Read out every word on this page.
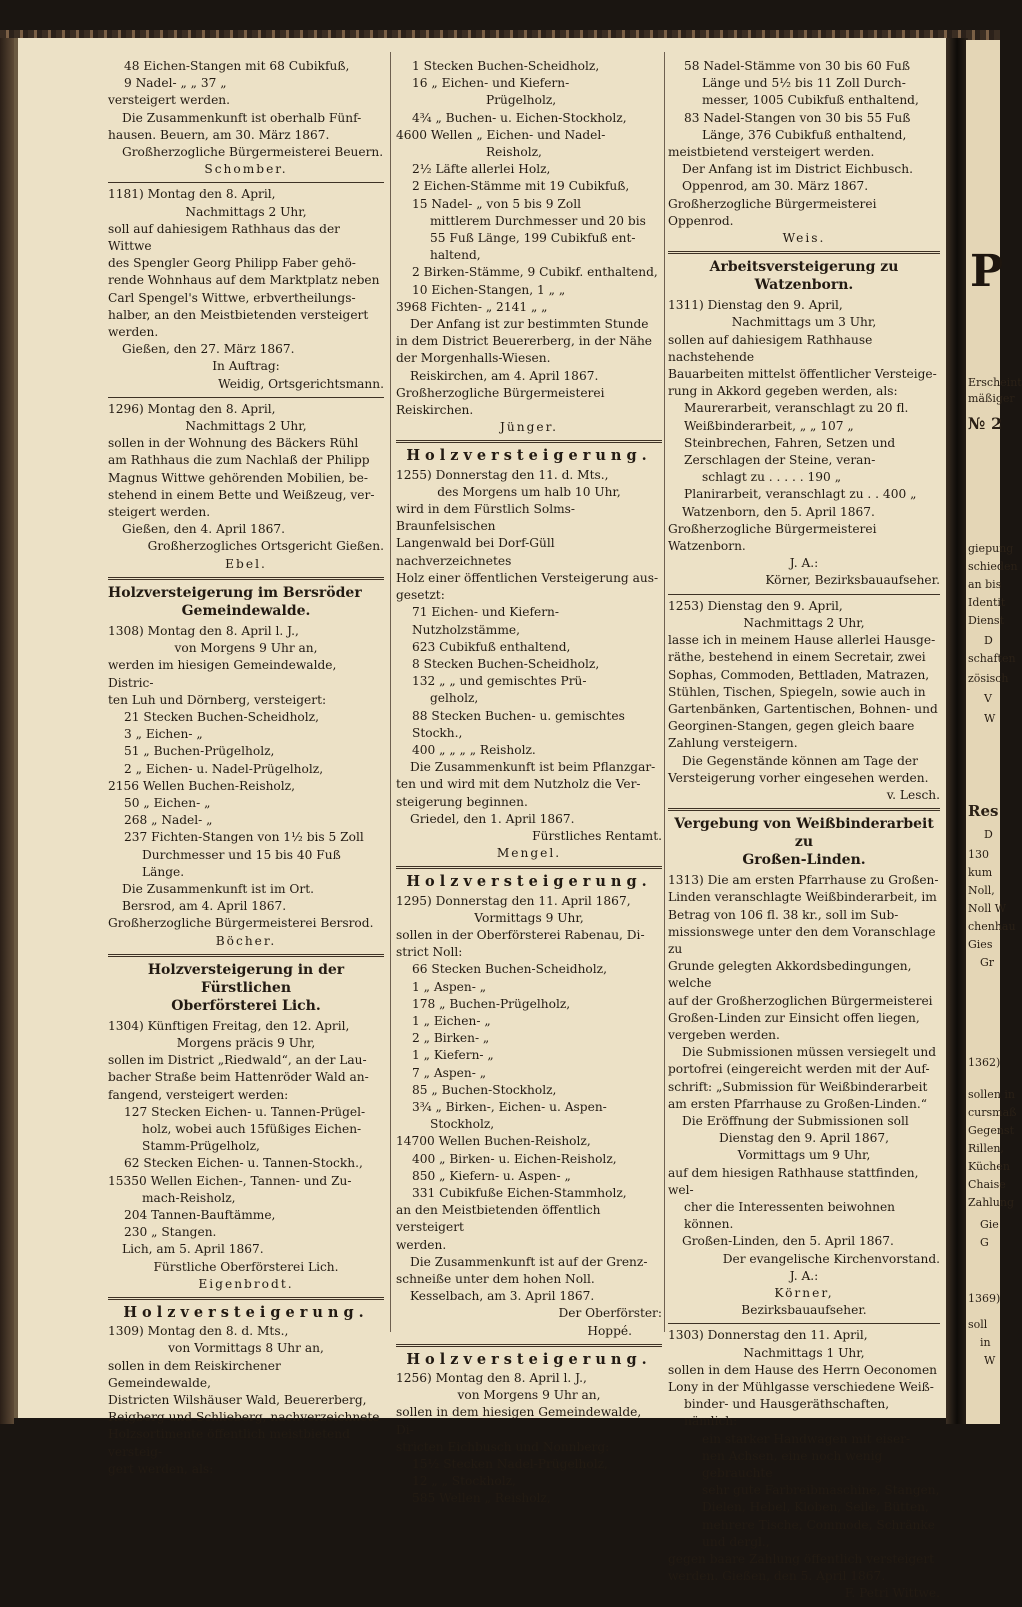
48 Eichen-Stangen mit 68 Cubikfuß,

9 Nadel- „ „ 37 „

versteigert werden.

Die Zusammenkunft ist oberhalb Fünf-

hausen. Beuern, am 30. März 1867.

Großherzogliche Bürgermeisterei Beuern.

Schomber.

1181) Montag den 8. April,

Nachmittags 2 Uhr,

soll auf dahiesigem Rathhaus das der Wittwe

des Spengler Georg Philipp Faber gehö-

rende Wohnhaus auf dem Marktplatz neben

Carl Spengel's Wittwe, erbvertheilungs-

halber, an den Meistbietenden versteigert

werden.

Gießen, den 27. März 1867.

In Auftrag:

Weidig, Ortsgerichtsmann.

1296) Montag den 8. April,

Nachmittags 2 Uhr,

sollen in der Wohnung des Bäckers Rühl

am Rathhaus die zum Nachlaß der Philipp

Magnus Wittwe gehörenden Mobilien, be-

stehend in einem Bette und Weißzeug, ver-

steigert werden.

Gießen, den 4. April 1867.

Großherzogliches Ortsgericht Gießen.

Ebel.

Holzversteigerung im Bersröder

Gemeindewalde.

1308) Montag den 8. April l. J.,

von Morgens 9 Uhr an,

werden im hiesigen Gemeindewalde, Distric-

ten Luh und Dörnberg, versteigert:

21 Stecken Buchen-Scheidholz,

3 „ Eichen- „

51 „ Buchen-Prügelholz,

2 „ Eichen- u. Nadel-Prügelholz,

2156 Wellen Buchen-Reisholz,

50 „ Eichen- „

268 „ Nadel- „

237 Fichten-Stangen von 1½ bis 5 Zoll

Durchmesser und 15 bis 40 Fuß

Länge.

Die Zusammenkunft ist im Ort.

Bersrod, am 4. April 1867.

Großherzogliche Bürgermeisterei Bersrod.

Böcher.

Holzversteigerung in der Fürstlichen

Oberförsterei Lich.

1304) Künftigen Freitag, den 12. April,

Morgens präcis 9 Uhr,

sollen im District „Riedwald“, an der Lau-

bacher Straße beim Hattenröder Wald an-

fangend, versteigert werden:

127 Stecken Eichen- u. Tannen-Prügel-

holz, wobei auch 15füßiges Eichen-

Stamm-Prügelholz,

62 Stecken Eichen- u. Tannen-Stockh.,

15350 Wellen Eichen-, Tannen- und Zu-

mach-Reisholz,

204 Tannen-Bauftämme,

230 „ Stangen.

Lich, am 5. April 1867.

Fürstliche Oberförsterei Lich.

Eigenbrodt.

Holzversteigerung.

1309) Montag den 8. d. Mts.,

von Vormittags 8 Uhr an,

sollen in dem Reiskirchener Gemeindewalde,

Districten Wilshäuser Wald, Beuererberg,

Reigberg und Schlieberg, nachverzeichnete

Holzsortimente öffentlich meistbietend versteig-

gert werden, als:

1 Stecken Buchen-Scheidholz,

16 „ Eichen- und Kiefern-

Prügelholz,

4¾ „ Buchen- u. Eichen-Stockholz,

4600 Wellen „ Eichen- und Nadel-

Reisholz,

2½ Läfte allerlei Holz,

2 Eichen-Stämme mit 19 Cubikfuß,

15 Nadel- „ von 5 bis 9 Zoll

mittlerem Durchmesser und 20 bis

55 Fuß Länge, 199 Cubikfuß ent-

haltend,

2 Birken-Stämme, 9 Cubikf. enthaltend,

10 Eichen-Stangen, 1 „ „

3968 Fichten- „ 2141 „ „

Der Anfang ist zur bestimmten Stunde

in dem District Beuererberg, in der Nähe

der Morgenhalls-Wiesen.

Reiskirchen, am 4. April 1867.

Großherzogliche Bürgermeisterei Reiskirchen.

Jünger.

Holzversteigerung.

1255) Donnerstag den 11. d. Mts.,

des Morgens um halb 10 Uhr,

wird in dem Fürstlich Solms-Braunfelsischen

Langenwald bei Dorf-Güll nachverzeichnetes

Holz einer öffentlichen Versteigerung aus-

gesetzt:

71 Eichen- und Kiefern-Nutzholzstämme,

623 Cubikfuß enthaltend,

8 Stecken Buchen-Scheidholz,

132 „ „ und gemischtes Prü-

gelholz,

88 Stecken Buchen- u. gemischtes Stockh.,

400 „ „ „ „ Reisholz.

Die Zusammenkunft ist beim Pflanzgar-

ten und wird mit dem Nutzholz die Ver-

steigerung beginnen.

Griedel, den 1. April 1867.

Fürstliches Rentamt.

Mengel.

Holzversteigerung.

1295) Donnerstag den 11. April 1867,

Vormittags 9 Uhr,

sollen in der Oberförsterei Rabenau, Di-

strict Noll:

66 Stecken Buchen-Scheidholz,

1 „ Aspen- „

178 „ Buchen-Prügelholz,

1 „ Eichen- „

2 „ Birken- „

1 „ Kiefern- „

7 „ Aspen- „

85 „ Buchen-Stockholz,

3¾ „ Birken-, Eichen- u. Aspen-

Stockholz,

14700 Wellen Buchen-Reisholz,

400 „ Birken- u. Eichen-Reisholz,

850 „ Kiefern- u. Aspen- „

331 Cubikfuße Eichen-Stammholz,

an den Meistbietenden öffentlich versteigert

werden.

Die Zusammenkunft ist auf der Grenz-

schneiße unter dem hohen Noll.

Kesselbach, am 3. April 1867.

Der Oberförster:

Hoppé.

Holzversteigerung.

1256) Montag den 8. April l. J.,

von Morgens 9 Uhr an,

sollen in dem hiesigen Gemeindewalde, Di-

stricten Eichbusch und Nonnberg:

15½ Stecken Nadel-Prügelholz,

12 „ „ Stockholz,

585 Wellen „ Reisholz,

58 Nadel-Stämme von 30 bis 60 Fuß

Länge und 5½ bis 11 Zoll Durch-

messer, 1005 Cubikfuß enthaltend,

83 Nadel-Stangen von 30 bis 55 Fuß

Länge, 376 Cubikfuß enthaltend,

meistbietend versteigert werden.

Der Anfang ist im District Eichbusch.

Oppenrod, am 30. März 1867.

Großherzogliche Bürgermeisterei Oppenrod.

Weis.

Arbeitsversteigerung zu Watzenborn.

1311) Dienstag den 9. April,

Nachmittags um 3 Uhr,

sollen auf dahiesigem Rathhause nachstehende

Bauarbeiten mittelst öffentlicher Versteige-

rung in Akkord gegeben werden, als:

Maurerarbeit, veranschlagt zu 20 fl.

Weißbinderarbeit, „ „ 107 „

Steinbrechen, Fahren, Setzen und

Zerschlagen der Steine, veran-

schlagt zu . . . . . 190 „

Planirarbeit, veranschlagt zu . . 400 „

Watzenborn, den 5. April 1867.

Großherzogliche Bürgermeisterei Watzenborn.

J. A.:

Körner, Bezirksbauaufseher.

1253) Dienstag den 9. April,

Nachmittags 2 Uhr,

lasse ich in meinem Hause allerlei Hausge-

räthe, bestehend in einem Secretair, zwei

Sophas, Commoden, Bettladen, Matrazen,

Stühlen, Tischen, Spiegeln, sowie auch in

Gartenbänken, Gartentischen, Bohnen- und

Georginen-Stangen, gegen gleich baare

Zahlung versteigern.

Die Gegenstände können am Tage der

Versteigerung vorher eingesehen werden.

v. Lesch.

Vergebung von Weißbinderarbeit zu

Großen-Linden.

1313) Die am ersten Pfarrhause zu Großen-

Linden veranschlagte Weißbinderarbeit, im

Betrag von 106 fl. 38 kr., soll im Sub-

missionswege unter den dem Voranschlage zu

Grunde gelegten Akkordsbedingungen, welche

auf der Großherzoglichen Bürgermeisterei

Großen-Linden zur Einsicht offen liegen,

vergeben werden.

Die Submissionen müssen versiegelt und

portofrei (eingereicht werden mit der Auf-

schrift: „Submission für Weißbinderarbeit

am ersten Pfarrhause zu Großen-Linden.“

Die Eröffnung der Submissionen soll

Dienstag den 9. April 1867,

Vormittags um 9 Uhr,

auf dem hiesigen Rathhause stattfinden, wel-

cher die Interessenten beiwohnen können.

Großen-Linden, den 5. April 1867.

Der evangelische Kirchenvorstand.

J. A.:

Körner,

Bezirksbauaufseher.

1303) Donnerstag den 11. April,

Nachmittags 1 Uhr,

sollen in dem Hause des Herrn Oeconomen

Lony in der Mühlgasse verschiedene Weiß-

binder- und Hausgeräthschaften, nämlich:

ein starker Handwagen mit eiser-

nen Achsen, eine noch wenig gebrauchte

sehr gute Farbreibmaschine, Stangen,

Dielen, Hebel, Kloben, Seile, Bütten,

mehrere Tische, Commode, Schränke

und dergl.,

gegen baare Zahlung öffentlich versteigert

werden. Gießen, den 5. April 1867.

F. Petri Wittwe.

P
Erscheint
mäßiger
№ 2
giерung
schieden
an bis
Identit
Dienst
D
schaften
zösisch
V
W
Res
D
130
kum
Noll,
Noll W
chenhau
Gies
Gr
1362)
sollen in
cursmaß
Gegenst
Rillen,
Küchen
Chaise
Zahlung
Gie
G
1369)
soll
in
W
